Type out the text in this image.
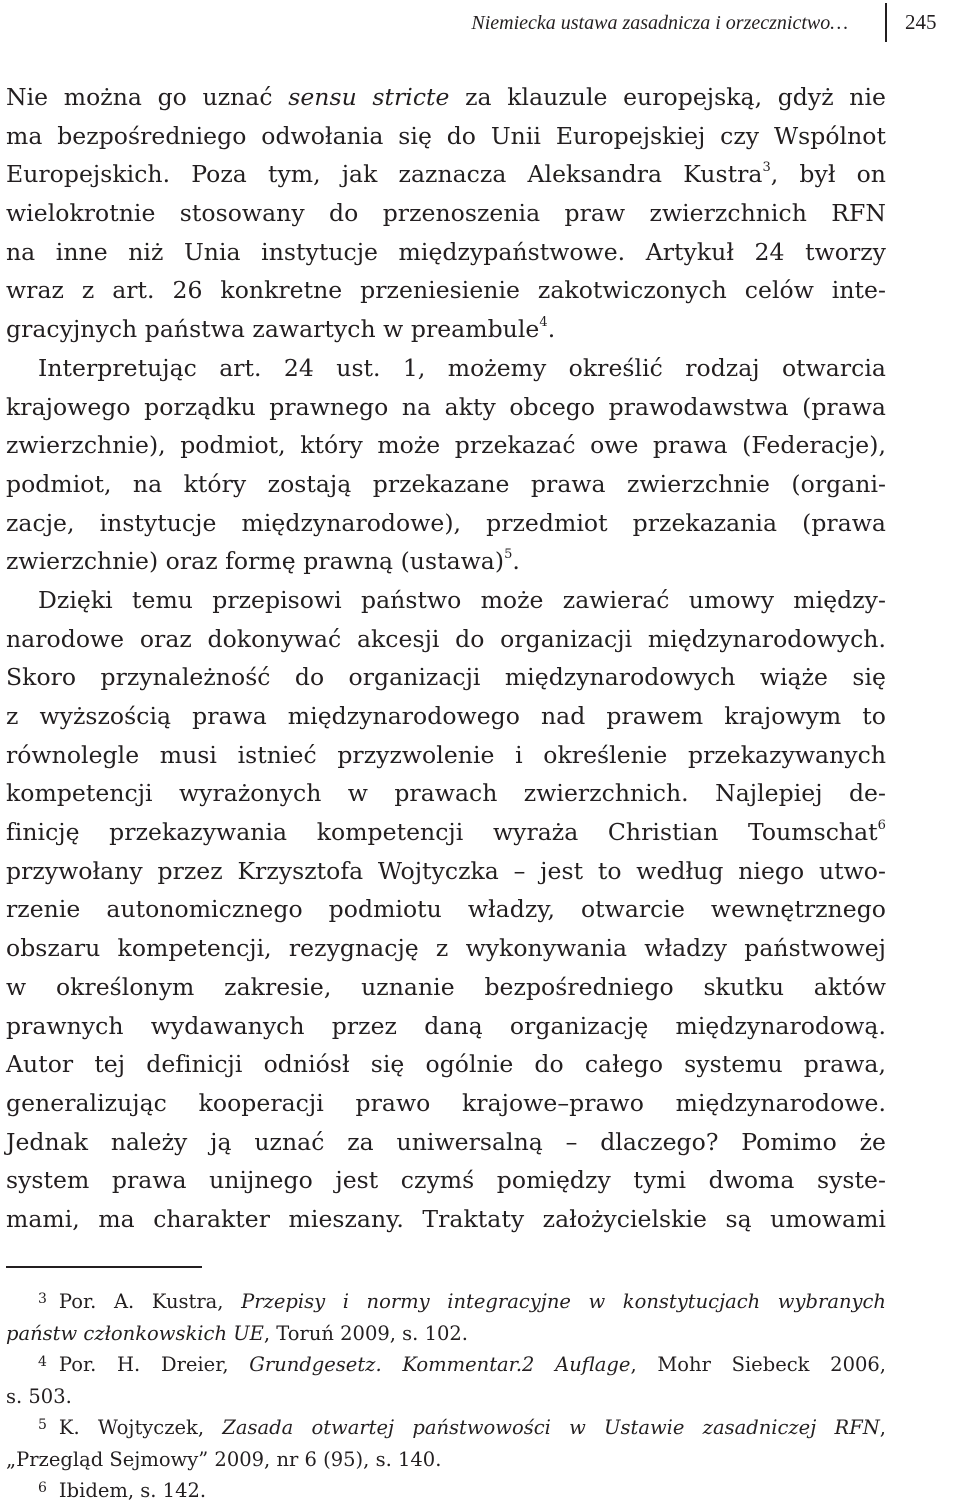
Niemiecka ustawa zasadnicza i orzecznictwo…	245
Nie można go uznać sensu stricte za klauzule europejską, gdyż nie
ma bezpośredniego odwołania się do Unii Europejskiej czy Wspólnot
Europejskich. Poza tym, jak zaznacza Aleksandra Kustra$^3$, był on
wielokrotnie stosowany do przenoszenia praw zwierzchnich RFN
na inne niż Unia instytucje międzypaństwowe. Artykuł 24 tworzy
wraz z art. 26 konkretne przeniesienie zakotwiczonych celów inte-
gracyjnych państwa zawartych w preambule$^4$.
Interpretując art. 24 ust. 1, możemy określić rodzaj otwarcia
krajowego porządku prawnego na akty obcego prawodawstwa (prawa
zwierzchnie), podmiot, który może przekazać owe prawa (Federacje),
podmiot, na który zostają przekazane prawa zwierzchnie (organi-
zacje, instytucje międzynarodowe), przedmiot przekazania (prawa
zwierzchnie) oraz formę prawną (ustawa)$^5$.
Dzięki temu przepisowi państwo może zawierać umowy między-
narodowe oraz dokonywać akcesji do organizacji międzynarodowych.
Skoro przynależność do organizacji międzynarodowych wiąże się
z wyższością prawa międzynarodowego nad prawem krajowym to
równolegle musi istnieć przyzwolenie i określenie przekazywanych
kompetencji wyrażonych w prawach zwierzchnich. Najlepiej de-
finicję przekazywania kompetencji wyraża Christian Toumschat$^6$
przywołany przez Krzysztofa Wojtyczka – jest to według niego utwo-
rzenie autonomicznego podmiotu władzy, otwarcie wewnętrznego
obszaru kompetencji, rezygnację z wykonywania władzy państwowej
w określonym zakresie, uznanie bezpośredniego skutku aktów
prawnych wydawanych przez daną organizację międzynarodową.
Autor tej definicji odniósł się ogólnie do całego systemu prawa,
generalizując kooperacji prawo krajowe–prawo międzynarodowe.
Jednak należy ją uznać za uniwersalną – dlaczego? Pomimo że
system prawa unijnego jest czymś pomiędzy tymi dwoma syste-
mami, ma charakter mieszany. Traktaty założycielskie są umowami
$^3$ Por. A. Kustra, Przepisy i normy integracyjne w konstytucjach wybranych
państw członkowskich UE, Toruń 2009, s. 102.
$^4$ Por. H. Dreier, Grundgesetz. Kommentar.2 Auflage, Mohr Siebeck 2006,
s. 503.
$^5$ K. Wojtyczek, Zasada otwartej państwowości w Ustawie zasadniczej RFN,
„Przegląd Sejmowy” 2009, nr 6 (95), s. 140.
$^6$ Ibidem, s. 142.
